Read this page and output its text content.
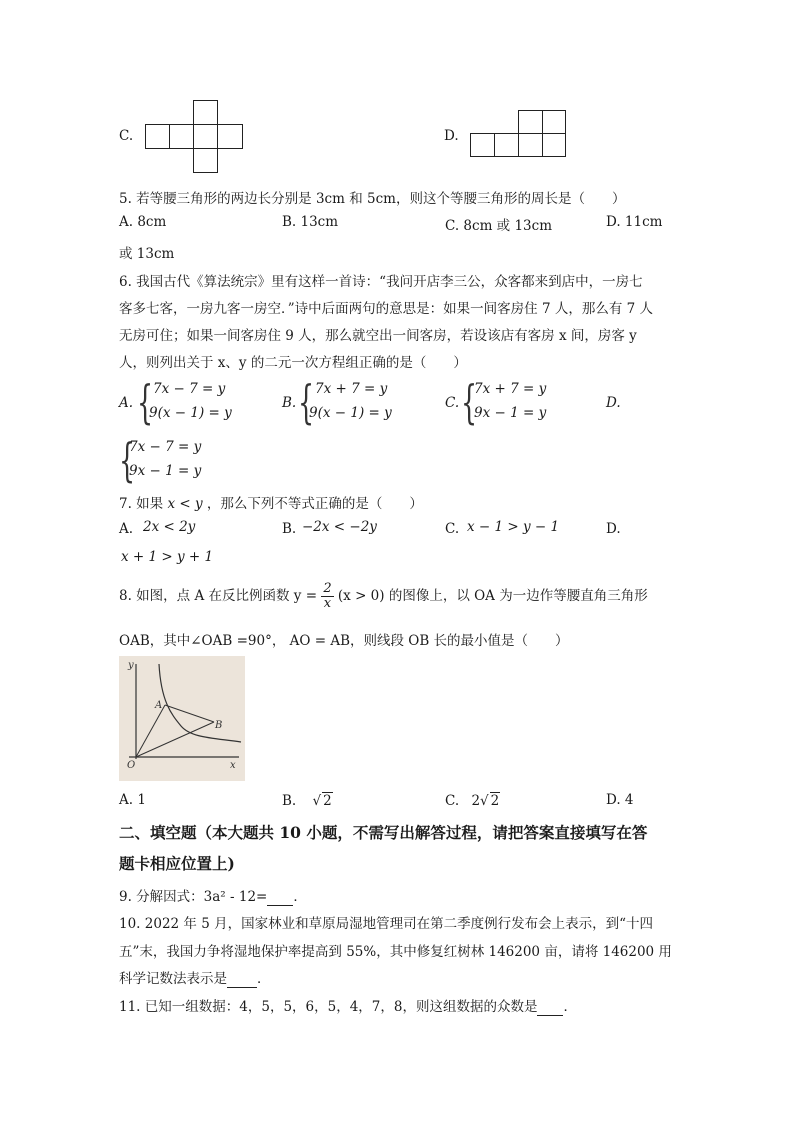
C.	D.
5. 若等腰三角形的两边长分别是 3cm 和 5cm，则这个等腰三角形的周长是（　　）
A. 8cm	B. 13cm	C. 8cm 或 13cm	D. 11cm
或 13cm
6. 我国古代《算法统宗》里有这样一首诗：“我问开店李三公，众客都来到店中，一房七
客多七客，一房九客一房空．”诗中后面两句的意思是：如果一间客房住 7 人，那么有 7 人
无房可住；如果一间客房住 9 人，那么就空出一间客房，若设该店有客房 x 间，房客 y
人，则列出关于 x、y 的二元一次方程组正确的是（　　）
A. { 7x − 7 = y
9(x − 1) = y
B. { 7x + 7 = y
9(x − 1) = y
C. {
7x + 7 = y
9x − 1 = y
D.
{
7x − 7 = y
9x − 1 = y
7. 如果 x < y ，那么下列不等式正确的是（　　）
A. 2x < 2y	B. −2x < −2y	C. x − 1 > y − 1	D.
x + 1 > y + 1
8. 如图，点 A 在反比例函数 $y = \frac{2}{x} (x > 0)$ 的图像上，以 OA 为一边作等腰直角三角形
OAB，其中∠OAB =90°， AO = AB，则线段 OB 长的最小值是（　　）
y
x
O
A
B
A. 1	B. √ 2	C. 2√ 2	D. 4
二、填空题（本大题共 10 小题，不需写出解答过程，请把答案直接填写在答
题卡相应位置上)
9. 分解因式：3a² - 12= ．
10. 2022 年 5 月，国家林业和草原局湿地管理司在第二季度例行发布会上表示，到“十四
五”末，我国力争将湿地保护率提高到 55%，其中修复红树林 146200 亩，请将 146200 用
科学记数法表示是 ．
11. 已知一组数据：4，5，5，6，5，4，7，8，则这组数据的众数是 ．
